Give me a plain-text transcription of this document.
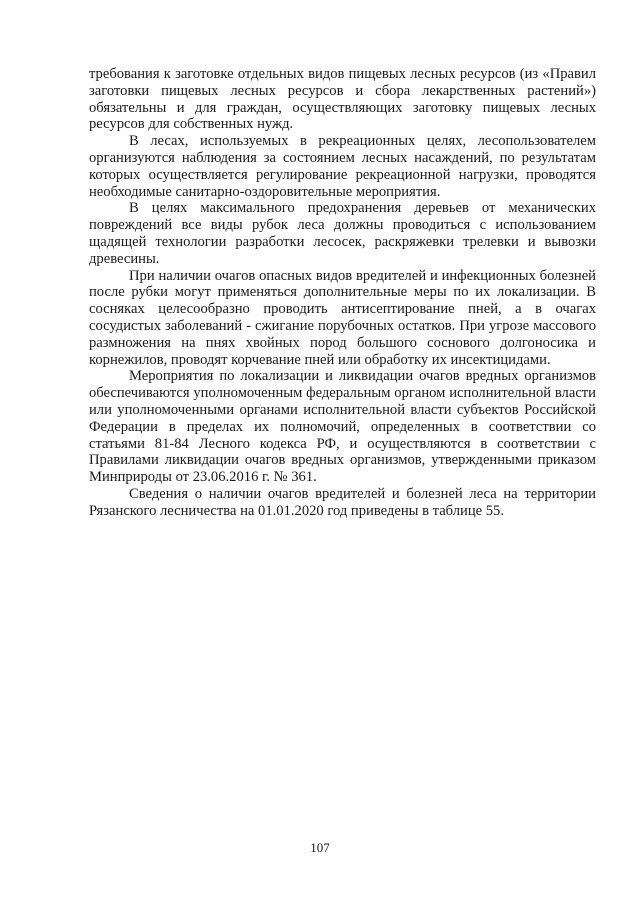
требования к заготовке отдельных видов пищевых лесных ресурсов (из «Правил заготовки пищевых лесных ресурсов и сбора лекарственных растений») обязательны и для граждан, осуществляющих заготовку пищевых лесных ресурсов для собственных нужд.

В лесах, используемых в рекреационных целях, лесопользователем организуются наблюдения за состоянием лесных насаждений, по результатам которых осуществляется регулирование рекреационной нагрузки, проводятся необходимые санитарно-оздоровительные мероприятия.

В целях максимального предохранения деревьев от механических повреждений все виды рубок леса должны проводиться с использованием щадящей технологии разработки лесосек, раскряжевки трелевки и вывозки древесины.

При наличии очагов опасных видов вредителей и инфекционных болезней после рубки могут применяться дополнительные меры по их локализации. В сосняках целесообразно проводить антисептирование пней, а в очагах сосудистых заболеваний - сжигание порубочных остатков. При угрозе массового размножения на пнях хвойных пород большого соснового долгоносика и корнежилов, проводят корчевание пней или обработку их инсектицидами.

Мероприятия по локализации и ликвидации очагов вредных организмов обеспечиваются уполномоченным федеральным органом исполнительной власти или уполномоченными органами исполнительной власти субъектов Российской Федерации в пределах их полномочий, определенных в соответствии со статьями 81-84 Лесного кодекса РФ, и осуществляются в соответствии с Правилами ликвидации очагов вредных организмов, утвержденными приказом Минприроды от 23.06.2016 г. № 361.

Сведения о наличии очагов вредителей и болезней леса на территории Рязанского лесничества на 01.01.2020 год приведены в таблице 55.

107
